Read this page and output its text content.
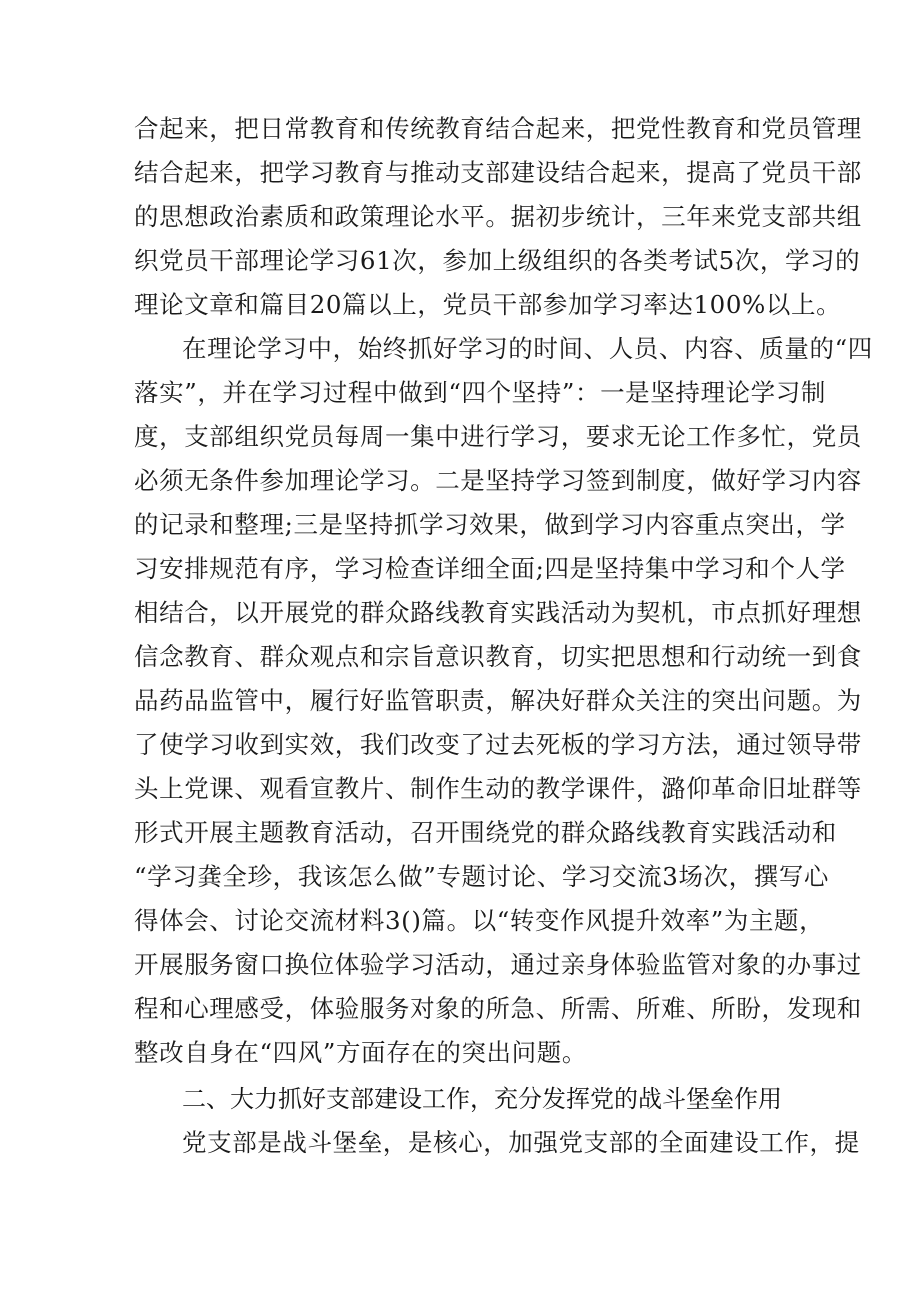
合起来，把日常教育和传统教育结合起来，把党性教育和党员管理
结合起来，把学习教育与推动支部建设结合起来，提高了党员干部
的思想政治素质和政策理论水平。据初步统计，三年来党支部共组
织党员干部理论学习61次，参加上级组织的各类考试5次，学习的
理论文章和篇目20篇以上，党员干部参加学习率达100%以上。
在理论学习中，始终抓好学习的时间、人员、内容、质量的“四
落实”，并在学习过程中做到“四个坚持”：一是坚持理论学习制
度，支部组织党员每周一集中进行学习，要求无论工作多忙，党员
必须无条件参加理论学习。二是坚持学习签到制度，做好学习内容
的记录和整理;三是坚持抓学习效果，做到学习内容重点突出，学
习安排规范有序，学习检查详细全面;四是坚持集中学习和个人学
相结合，以开展党的群众路线教育实践活动为契机，市点抓好理想
信念教育、群众观点和宗旨意识教育，切实把思想和行动统一到食
品药品监管中，履行好监管职责，解决好群众关注的突出问题。为
了使学习收到实效，我们改变了过去死板的学习方法，通过领导带
头上党课、观看宣教片、制作生动的教学课件，潞仰革命旧址群等
形式开展主题教育活动，召开围绕党的群众路线教育实践活动和
“学习龚全珍，我该怎么做”专题讨论、学习交流3场次，撰写心
得体会、讨论交流材料3()篇。以“转变作风提升效率”为主题，
开展服务窗口换位体验学习活动，通过亲身体验监管对象的办事过
程和心理感受，体验服务对象的所急、所需、所难、所盼，发现和
整改自身在“四风”方面存在的突出问题。
二、大力抓好支部建设工作，充分发挥党的战斗堡垒作用
党支部是战斗堡垒，是核心，加强党支部的全面建设工作，提
